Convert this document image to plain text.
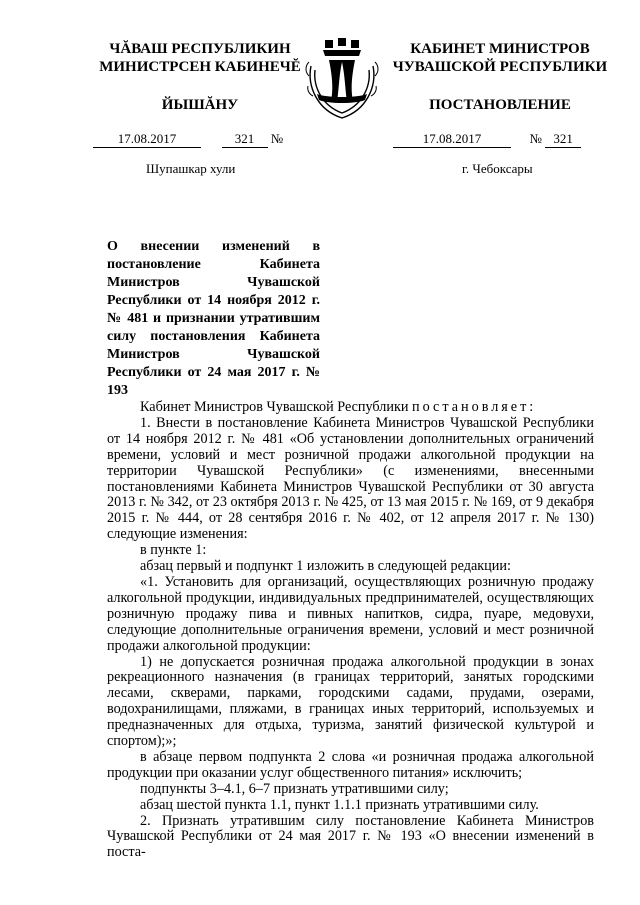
ЧĂВАШ РЕСПУБЛИКИН
МИНИСТРСЕН КАБИНЕЧĔ
ЙЫШĂНУ
КАБИНЕТ МИНИСТРОВ
ЧУВАШСКОЙ РЕСПУБЛИКИ
ПОСТАНОВЛЕНИЕ
17.08.2017	321 №	17.08.2017	№ 321
Шупашкар хули	г. Чебоксары
О внесении изменений в постановление Кабинета Министров Чувашской Республики от 14 ноября 2012 г. № 481 и признании утратившим силу постановления Кабинета Министров Чувашской Республики от 24 мая 2017 г. № 193

Кабинет Министров Чувашской Республики постановляет:

1. Внести в постановление Кабинета Министров Чувашской Республики от 14 ноября 2012 г. № 481 «Об установлении дополнительных ограничений времени, условий и мест розничной продажи алкогольной продукции на территории Чувашской Республики» (с изменениями, внесенными постановлениями Кабинета Министров Чувашской Республики от 30 августа 2013 г. № 342, от 23 октября 2013 г. № 425, от 13 мая 2015 г. № 169, от 9 декабря 2015 г. № 444, от 28 сентября 2016 г. № 402, от 12 апреля 2017 г. № 130) следующие изменения:

в пункте 1:

абзац первый и подпункт 1 изложить в следующей редакции:

«1. Установить для организаций, осуществляющих розничную продажу алкогольной продукции, индивидуальных предпринимателей, осуществляющих розничную продажу пива и пивных напитков, сидра, пуаре, медовухи, следующие дополнительные ограничения времени, условий и мест розничной продажи алкогольной продукции:

1) не допускается розничная продажа алкогольной продукции в зонах рекреационного назначения (в границах территорий, занятых городскими лесами, скверами, парками, городскими садами, прудами, озерами, водохранилищами, пляжами, в границах иных территорий, используемых и предназначенных для отдыха, туризма, занятий физической культурой и спортом);»;

в абзаце первом подпункта 2 слова «и розничная продажа алкогольной продукции при оказании услуг общественного питания» исключить;

подпункты 3–4.1, 6–7 признать утратившими силу;

абзац шестой пункта 1.1, пункт 1.1.1 признать утратившими силу.

2. Признать утратившим силу постановление Кабинета Министров Чувашской Республики от 24 мая 2017 г. № 193 «О внесении изменений в поста-
